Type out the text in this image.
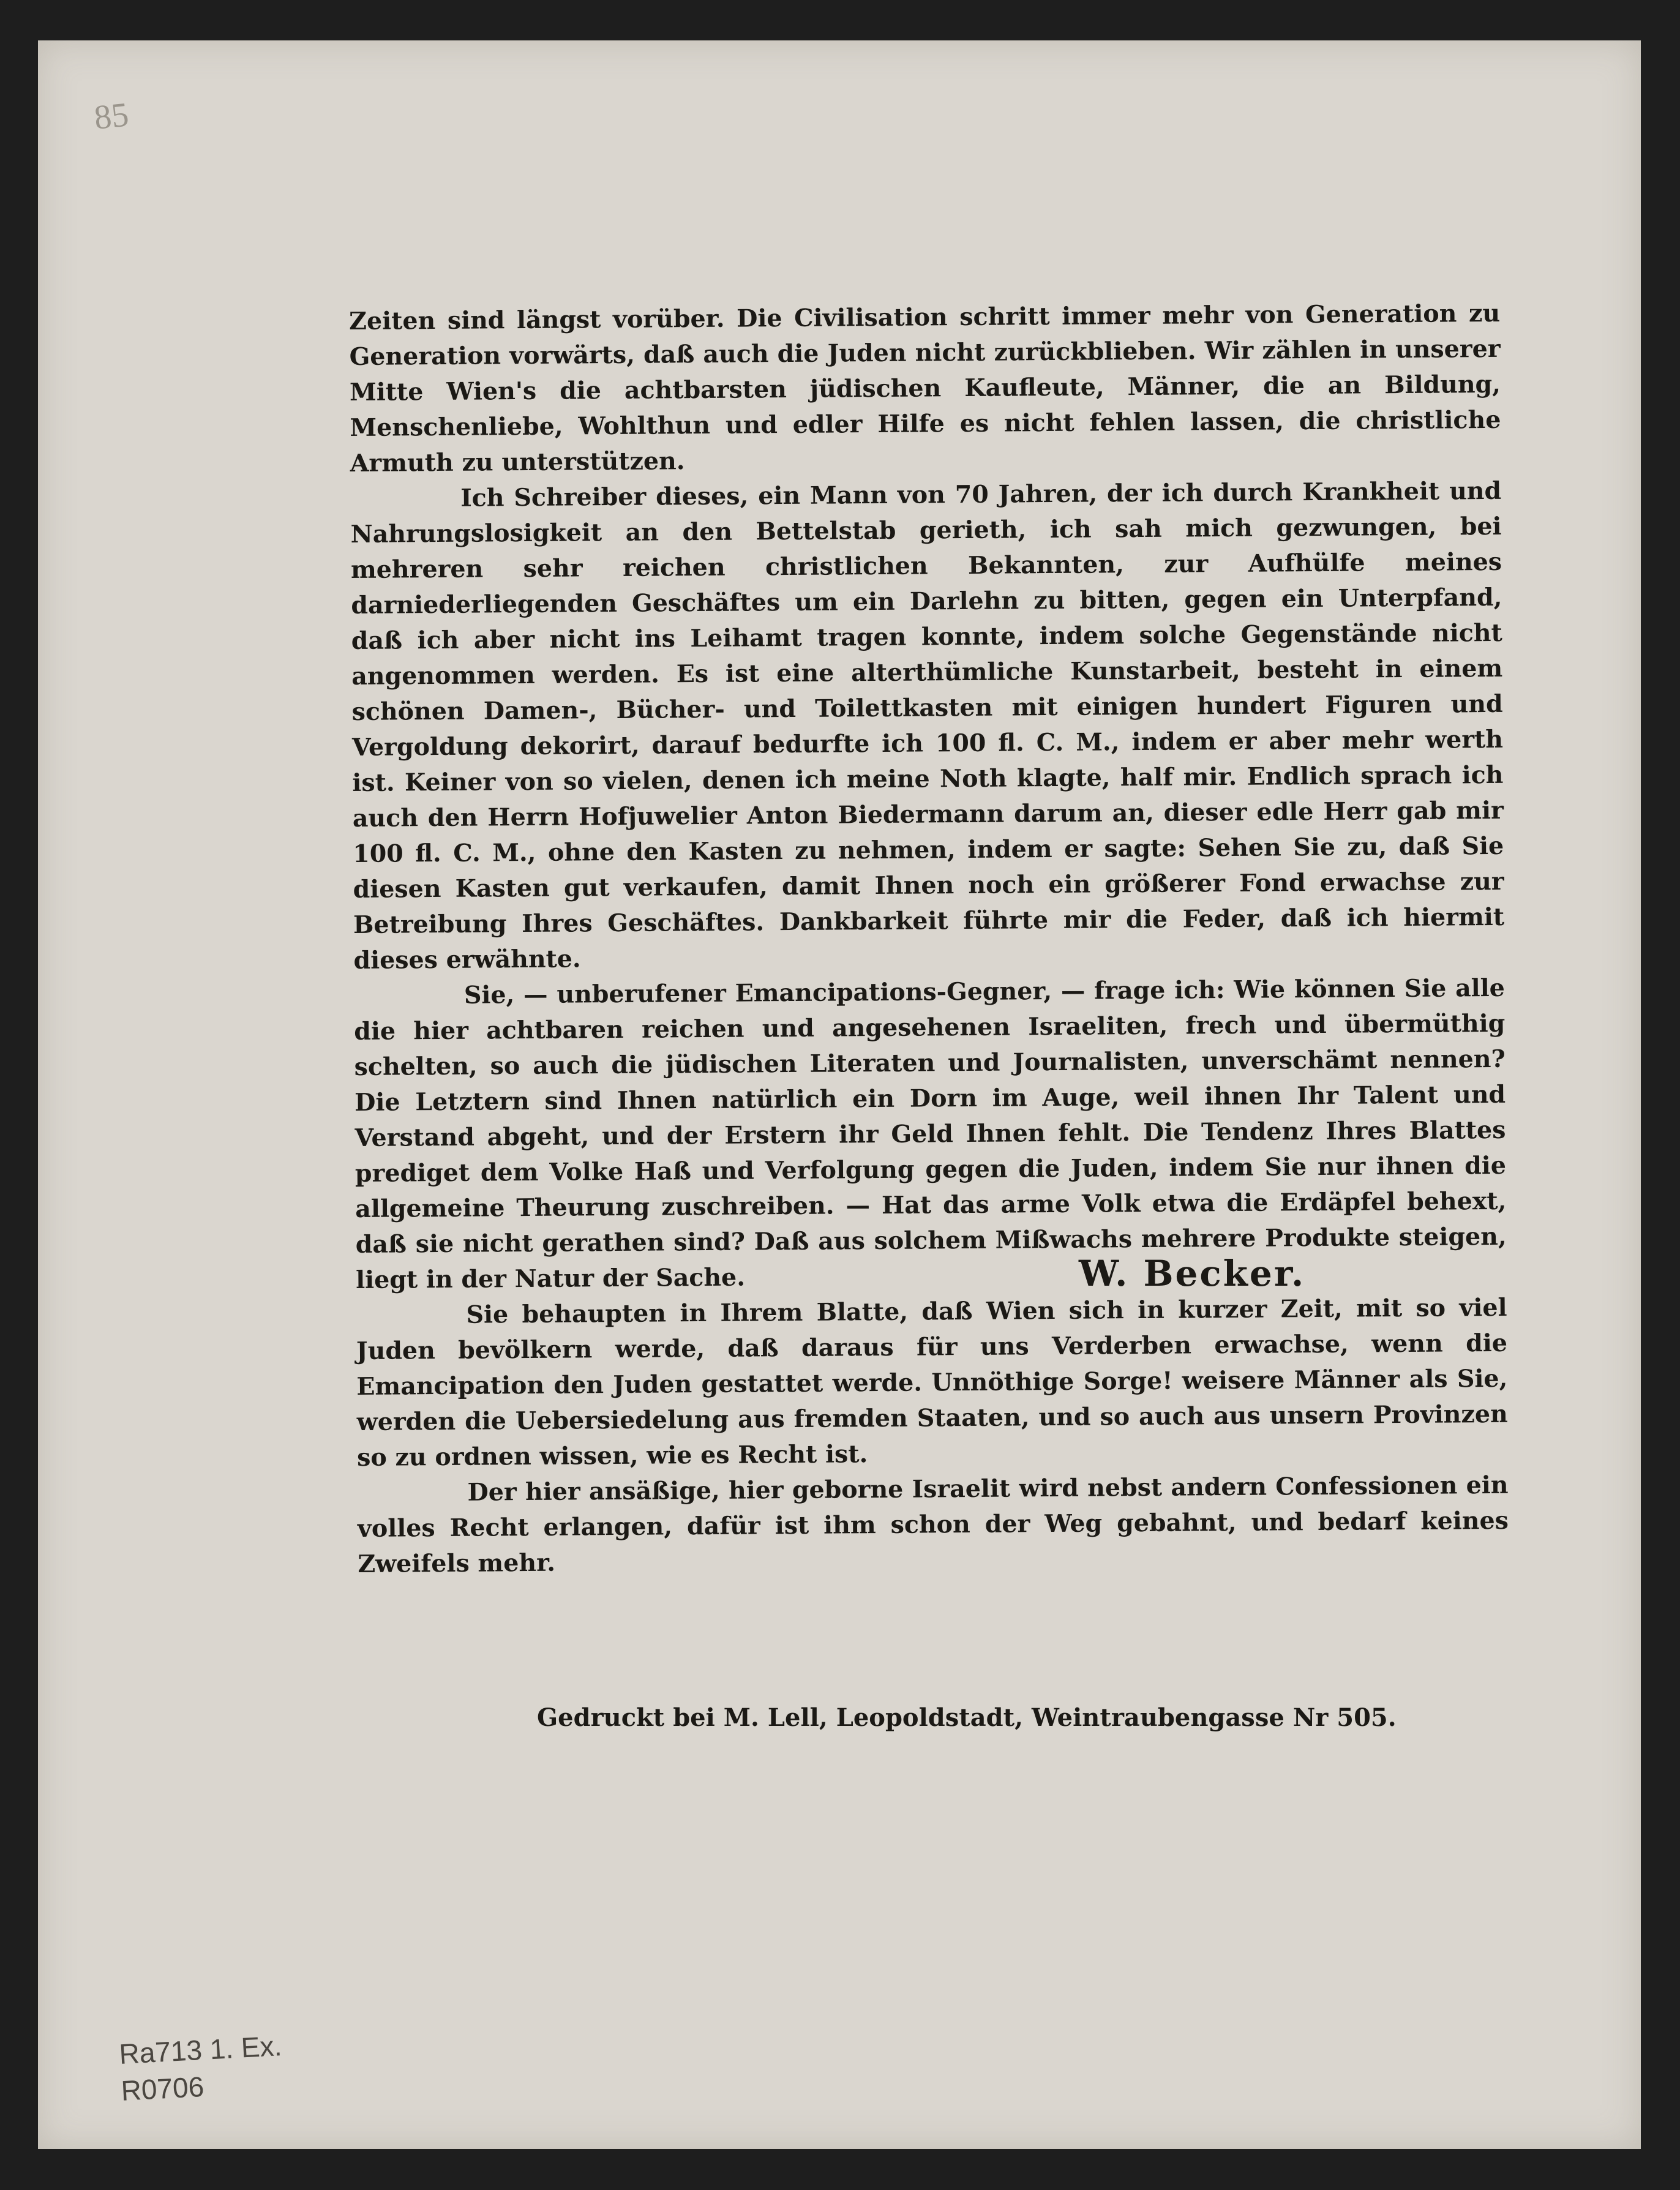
85

Zeiten sind längst vorüber. Die Civilisation schritt immer mehr von Generation zu Generation vorwärts, daß auch die Juden nicht zurückblieben. Wir zählen in unserer Mitte Wien's die achtbarsten jüdischen Kaufleute, Männer, die an Bildung, Menschenliebe, Wohlthun und edler Hilfe es nicht fehlen lassen, die christliche Armuth zu unterstützen.

Ich Schreiber dieses, ein Mann von 70 Jahren, der ich durch Krankheit und Nahrungslosigkeit an den Bettelstab gerieth, ich sah mich gezwungen, bei mehreren sehr reichen christlichen Bekannten, zur Aufhülfe meines darniederliegenden Geschäftes um ein Darlehn zu bitten, gegen ein Unterpfand, daß ich aber nicht ins Leihamt tragen konnte, indem solche Gegenstände nicht angenommen werden. Es ist eine alterthümliche Kunstarbeit, besteht in einem schönen Damen-, Bücher- und Toilettkasten mit einigen hundert Figuren und Vergoldung dekorirt, darauf bedurfte ich 100 fl. C. M., indem er aber mehr werth ist. Keiner von so vielen, denen ich meine Noth klagte, half mir. Endlich sprach ich auch den Herrn Hofjuwelier Anton Biedermann darum an, dieser edle Herr gab mir 100 fl. C. M., ohne den Kasten zu nehmen, indem er sagte: Sehen Sie zu, daß Sie diesen Kasten gut verkaufen, damit Ihnen noch ein größerer Fond erwachse zur Betreibung Ihres Geschäftes. Dankbarkeit führte mir die Feder, daß ich hiermit dieses erwähnte.

Sie, — unberufener Emancipations-Gegner, — frage ich: Wie können Sie alle die hier achtbaren reichen und angesehenen Israeliten, frech und übermüthig schelten, so auch die jüdischen Literaten und Journalisten, unverschämt nennen? Die Letztern sind Ihnen natürlich ein Dorn im Auge, weil ihnen Ihr Talent und Verstand abgeht, und der Erstern ihr Geld Ihnen fehlt. Die Tendenz Ihres Blattes prediget dem Volke Haß und Verfolgung gegen die Juden, indem Sie nur ihnen die allgemeine Theurung zuschreiben. — Hat das arme Volk etwa die Erdäpfel behext, daß sie nicht gerathen sind? Daß aus solchem Mißwachs mehrere Produkte steigen, liegt in der Natur der Sache.

Sie behaupten in Ihrem Blatte, daß Wien sich in kurzer Zeit, mit so viel Juden bevölkern werde, daß daraus für uns Verderben erwachse, wenn die Emancipation den Juden gestattet werde. Unnöthige Sorge! weisere Männer als Sie, werden die Uebersiedelung aus fremden Staaten, und so auch aus unsern Provinzen so zu ordnen wissen, wie es Recht ist.

Der hier ansäßige, hier geborne Israelit wird nebst andern Confessionen ein volles Recht erlangen, dafür ist ihm schon der Weg gebahnt, und bedarf keines Zweifels mehr.

W. Becker.
Gedruckt bei M. Lell, Leopoldstadt, Weintraubengasse Nr 505.
Ra713 1. Ex.
R0706
